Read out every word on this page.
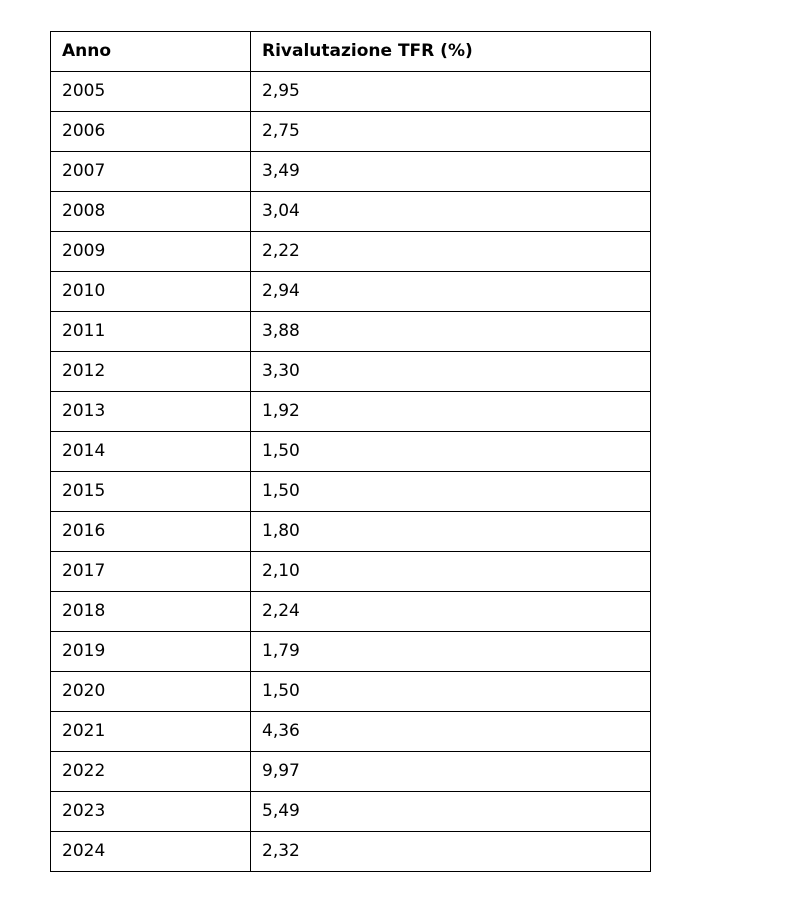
Anno	Rivalutazione TFR (%)
2005	2,95
2006	2,75
2007	3,49
2008	3,04
2009	2,22
2010	2,94
2011	3,88
2012	3,30
2013	1,92
2014	1,50
2015	1,50
2016	1,80
2017	2,10
2018	2,24
2019	1,79
2020	1,50
2021	4,36
2022	9,97
2023	5,49
2024	2,32
